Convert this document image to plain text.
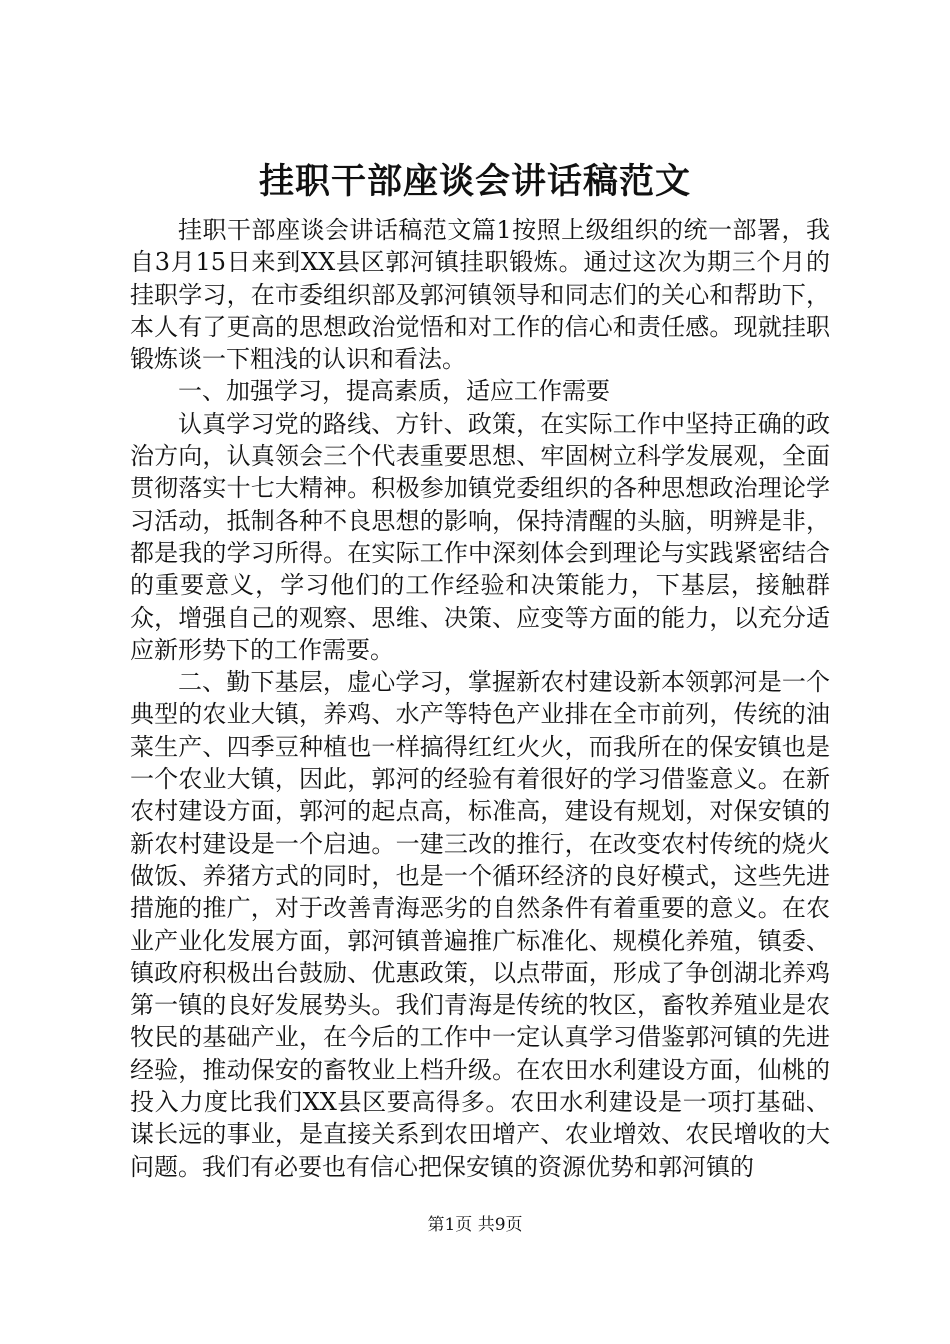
挂职干部座谈会讲话稿范文

挂职干部座谈会讲话稿范文篇1按照上级组织的统一部署，我自3月15日来到XX县区郭河镇挂职锻炼。通过这次为期三个月的挂职学习，在市委组织部及郭河镇领导和同志们的关心和帮助下，本人有了更高的思想政治觉悟和对工作的信心和责任感。现就挂职锻炼谈一下粗浅的认识和看法。

一、加强学习，提高素质，适应工作需要

认真学习党的路线、方针、政策，在实际工作中坚持正确的政治方向，认真领会三个代表重要思想、牢固树立科学发展观，全面贯彻落实十七大精神。积极参加镇党委组织的各种思想政治理论学习活动，抵制各种不良思想的影响，保持清醒的头脑，明辨是非，都是我的学习所得。在实际工作中深刻体会到理论与实践紧密结合的重要意义，学习他们的工作经验和决策能力，下基层，接触群众，增强自己的观察、思维、决策、应变等方面的能力，以充分适应新形势下的工作需要。

二、勤下基层，虚心学习，掌握新农村建设新本领郭河是一个典型的农业大镇，养鸡、水产等特色产业排在全市前列，传统的油菜生产、四季豆种植也一样搞得红红火火，而我所在的保安镇也是一个农业大镇，因此，郭河的经验有着很好的学习借鉴意义。在新农村建设方面，郭河的起点高，标准高，建设有规划，对保安镇的新农村建设是一个启迪。一建三改的推行，在改变农村传统的烧火做饭、养猪方式的同时，也是一个循环经济的良好模式，这些先进措施的推广，对于改善青海恶劣的自然条件有着重要的意义。在农业产业化发展方面，郭河镇普遍推广标准化、规模化养殖，镇委、镇政府积极出台鼓励、优惠政策，以点带面，形成了争创湖北养鸡第一镇的良好发展势头。我们青海是传统的牧区，畜牧养殖业是农牧民的基础产业，在今后的工作中一定认真学习借鉴郭河镇的先进经验，推动保安的畜牧业上档升级。在农田水利建设方面，仙桃的投入力度比我们XX县区要高得多。农田水利建设是一项打基础、谋长远的事业，是直接关系到农田增产、农业增效、农民增收的大问题。我们有必要也有信心把保安镇的资源优势和郭河镇的

第1页 共9页
